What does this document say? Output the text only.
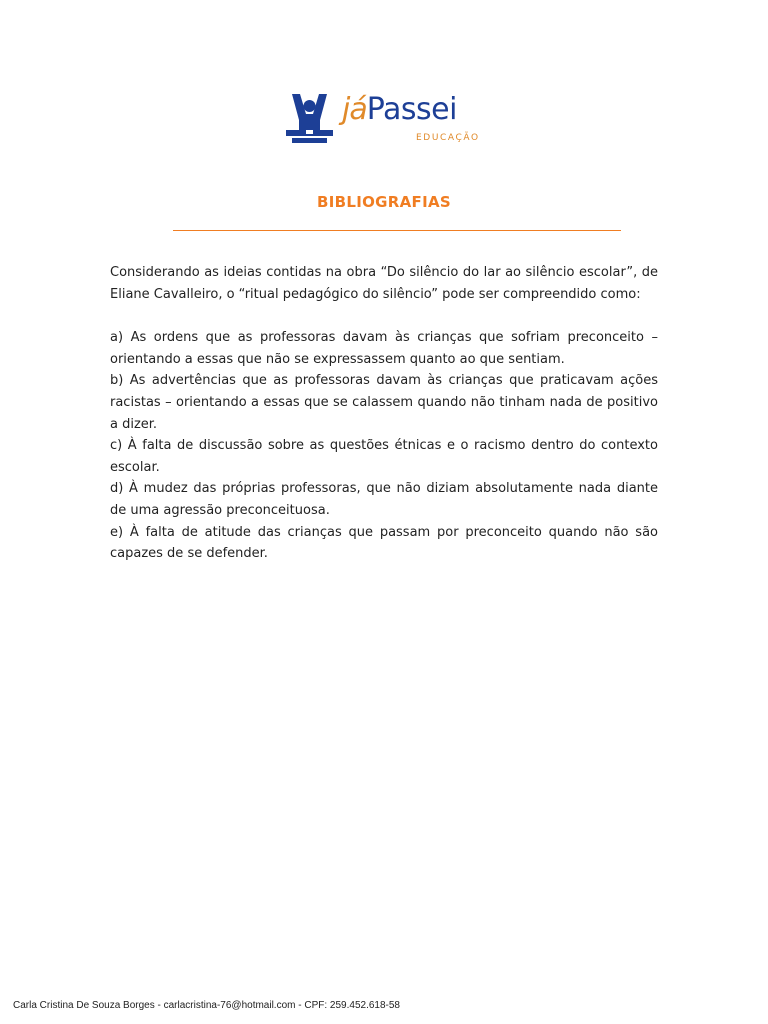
jáPassei
EDUCAÇÃO
BIBLIOGRAFIAS

Considerando as ideias contidas na obra “Do silêncio do lar ao silêncio escolar”, de Eliane Cavalleiro, o “ritual pedagógico do silêncio” pode ser compreendido como:

a) As ordens que as professoras davam às crianças que sofriam preconceito – orientando a essas que não se expressassem quanto ao que sentiam.

b) As advertências que as professoras davam às crianças que praticavam ações racistas – orientando a essas que se calassem quando não tinham nada de positivo a dizer.

c) À falta de discussão sobre as questões étnicas e o racismo dentro do contexto escolar.

d) À mudez das próprias professoras, que não diziam absolutamente nada diante de uma agressão preconceituosa.

e) À falta de atitude das crianças que passam por preconceito quando não são capazes de se defender.

Carla Cristina De Souza Borges - carlacristina-76@hotmail.com - CPF: 259.452.618-58
